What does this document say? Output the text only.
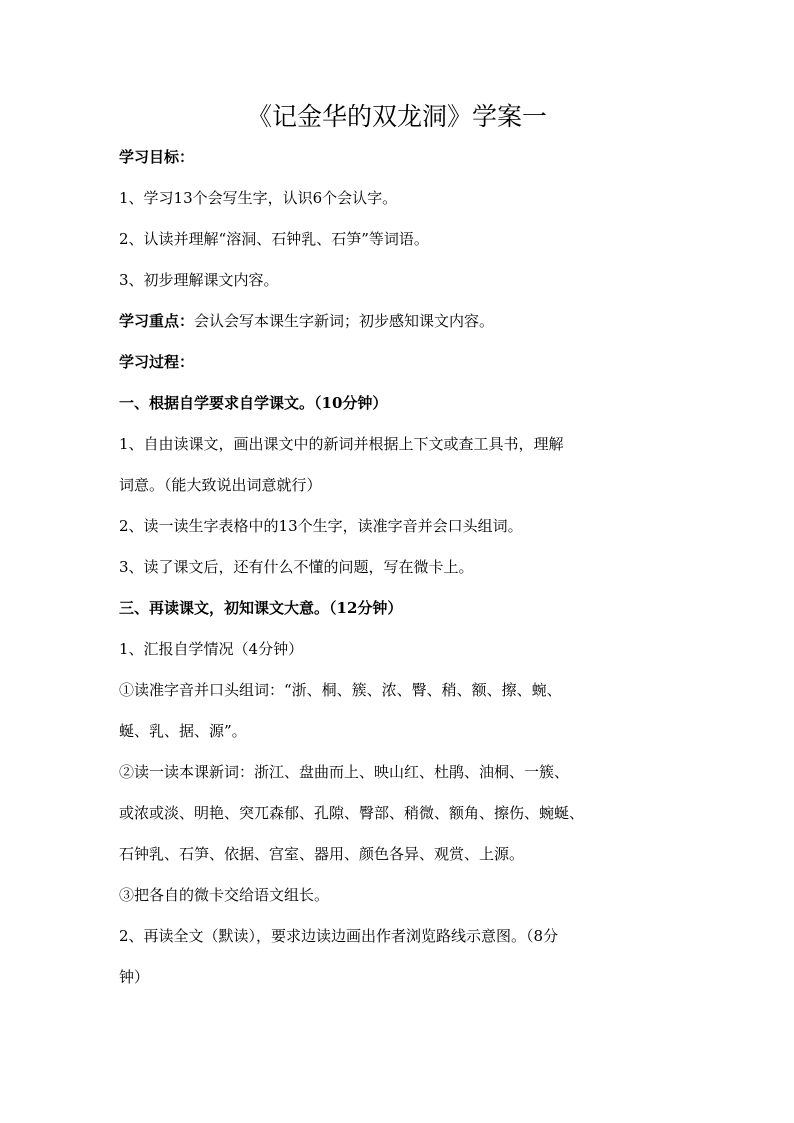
《记金华的双龙洞》学案一
学习目标：
1、学习13个会写生字，认识6个会认字。
2、认读并理解“溶洞、石钟乳、石笋”等词语。
3、初步理解课文内容。
学习重点：会认会写本课生字新词；初步感知课文内容。
学习过程：
一、根据自学要求自学课文。（10分钟）
1、自由读课文，画出课文中的新词并根据上下文或查工具书，理解
词意。（能大致说出词意就行）
2、读一读生字表格中的13个生字，读准字音并会口头组词。
3、读了课文后，还有什么不懂的问题，写在微卡上。
三、再读课文，初知课文大意。（12分钟）
1、汇报自学情况（4分钟）
①读准字音并口头组词：“浙、桐、簇、浓、臀、稍、额、擦、蜿、
蜒、乳、据、源”。
②读一读本课新词：浙江、盘曲而上、映山红、杜鹃、油桐、一簇、
或浓或淡、明艳、突兀森郁、孔隙、臀部、稍微、额角、擦伤、蜿蜒、
石钟乳、石笋、依据、宫室、器用、颜色各异、观赏、上源。
③把各自的微卡交给语文组长。
2、再读全文（默读），要求边读边画出作者浏览路线示意图。（8分
钟）
